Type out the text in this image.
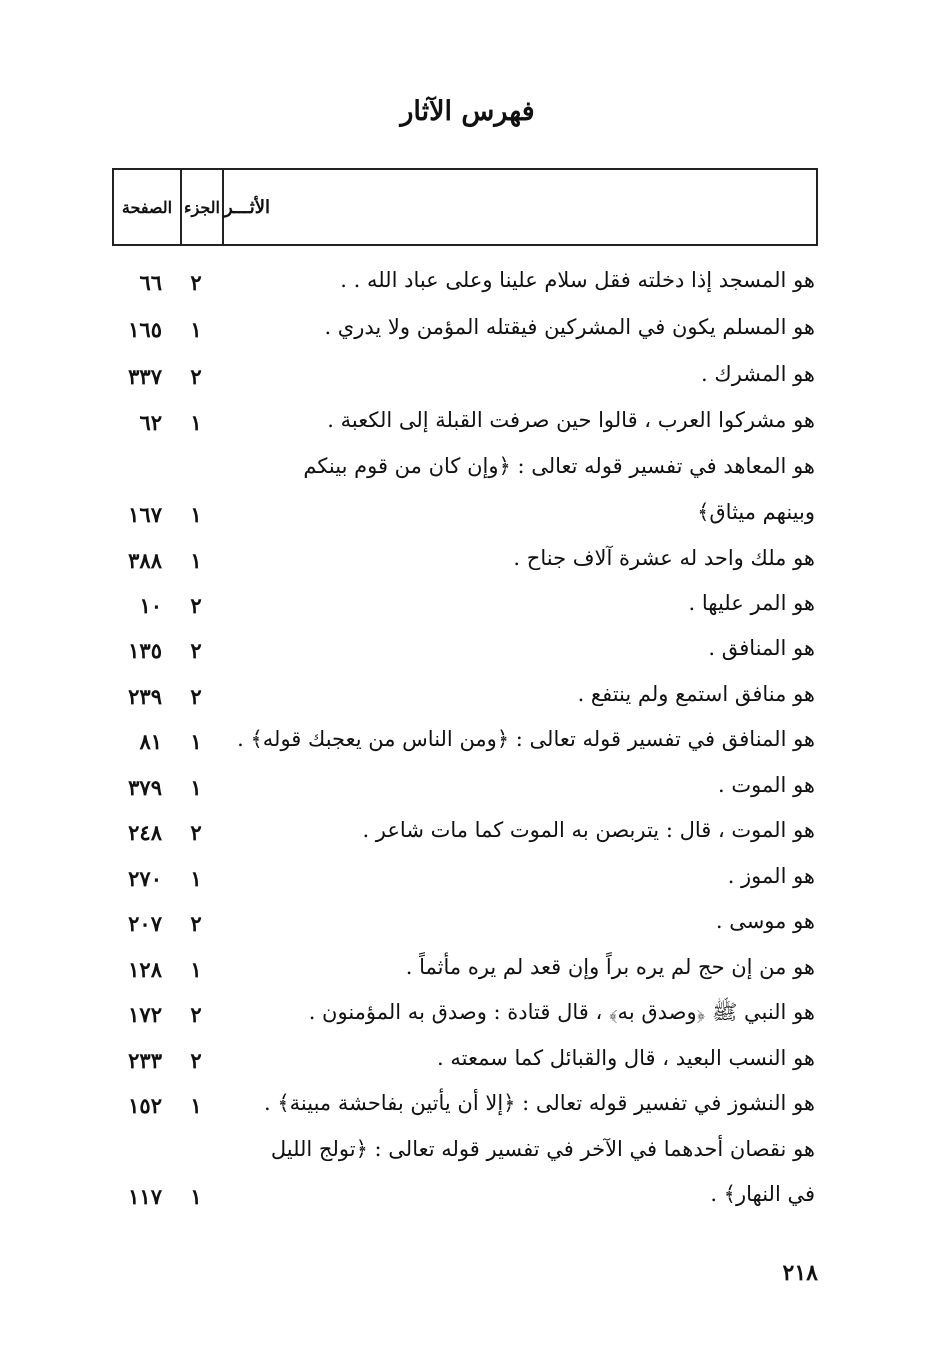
فهرس الآثار
الصفحة الجزء الأثـــر
هو المسجد إذا دخلته فقل سلام علينا وعلى عباد الله . .
٢
٦٦
هو المسلم يكون في المشركين فيقتله المؤمن ولا يدري .
١
١٦٥
هو المشرك .
٢
٣٣٧
هو مشركوا العرب ، قالوا حين صرفت القبلة إلى الكعبة .
١
٦٢
هو المعاهد في تفسير قوله تعالى : ﴿وإن كان من قوم بينكم
وبينهم ميثاق﴾
١
١٦٧
هو ملك واحد له عشرة آلاف جناح .
١
٣٨٨
هو المر عليها .
٢
١٠
هو المنافق .
٢
١٣٥
هو منافق استمع ولم ينتفع .
٢
٢٣٩
هو المنافق في تفسير قوله تعالى : ﴿ومن الناس من يعجبك قوله﴾ .
١
٨١
هو الموت .
١
٣٧٩
هو الموت ، قال : يتربصن به الموت كما مات شاعر .
٢
٢٤٨
هو الموز .
١
٢٧٠
هو موسى .
٢
٢٠٧
هو من إن حج لم يره براً وإن قعد لم يره مأثماً .
١
١٢٨
هو النبي ﷺ ﴿وصدق به﴾ ، قال قتادة : وصدق به المؤمنون .
٢
١٧٢
هو النسب البعيد ، قال والقبائل كما سمعته .
٢
٢٣٣
هو النشوز في تفسير قوله تعالى : ﴿إلا أن يأتين بفاحشة مبينة﴾ .
١
١٥٢
هو نقصان أحدهما في الآخر في تفسير قوله تعالى : ﴿تولج الليل
في النهار﴾ .
١
١١٧
٢١٨
